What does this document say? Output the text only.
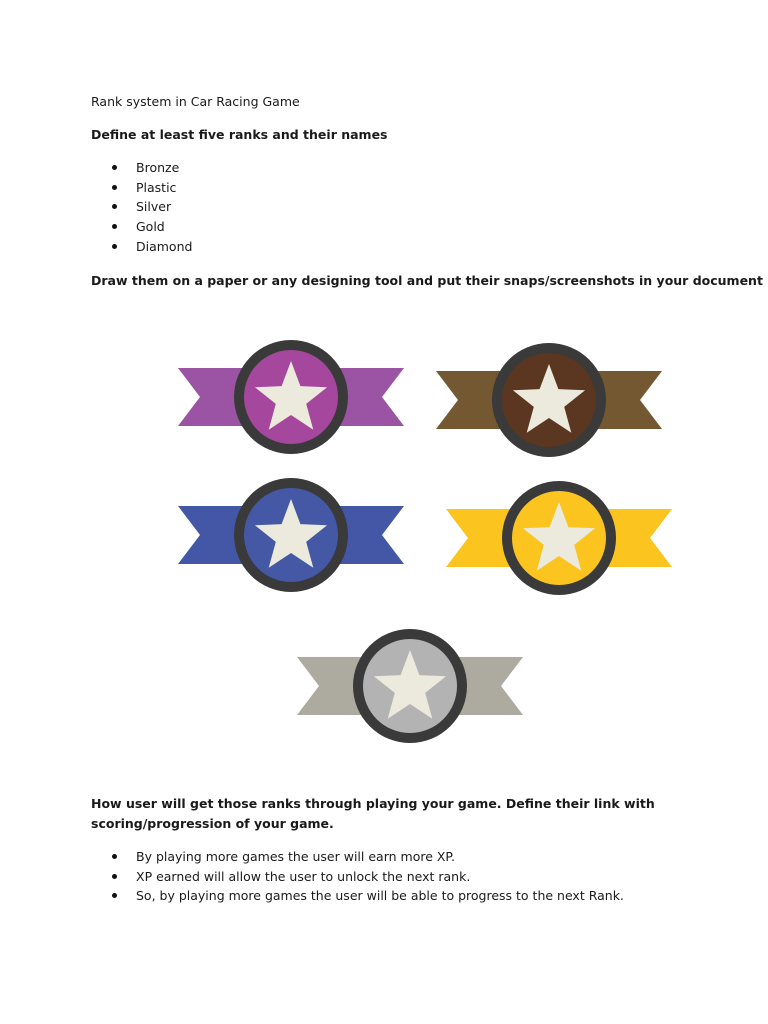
Rank system in Car Racing Game
Define at least five ranks and their names
Bronze
Plastic
Silver
Gold
Diamond
Draw them on a paper or any designing tool and put their snaps/screenshots in your document
How user will get those ranks through playing your game. Define their link with scoring/progression of your game.
By playing more games the user will earn more XP.
XP earned will allow the user to unlock the next rank.
So, by playing more games the user will be able to progress to the next Rank.
